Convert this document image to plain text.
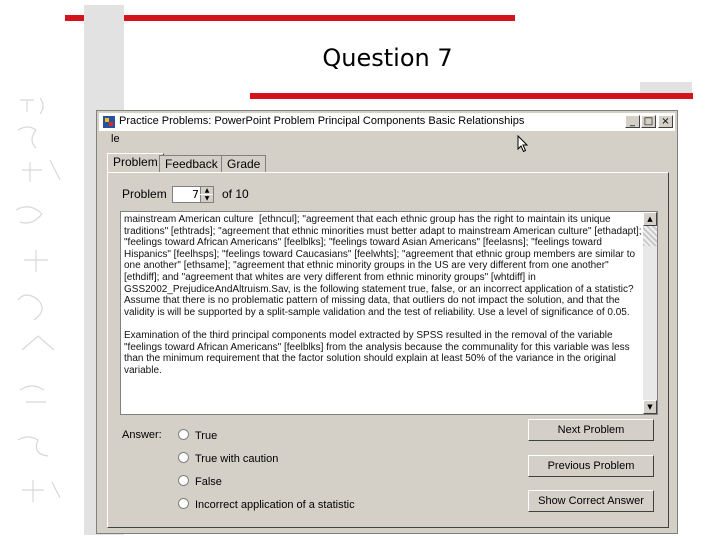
Question 7
Practice Problems: PowerPoint Problem Principal Components Basic Relationships	_ □ ×
le
Problem Feedback Grade
Problem 7 ▲
▼	of 10
mainstream American culture  [ethncul]; "agreement that each ethnic group has the right to maintain its unique traditions" [ethtrads]; "agreement that ethnic minorities must better adapt to mainstream American culture" [ethadapt]; "feelings toward African Americans" [feelblks]; "feelings toward Asian Americans" [feelasns]; "feelings toward Hispanics" [feelhsps]; "feelings toward Caucasians" [feelwhts]; "agreement that ethnic group members are similar to one another" [ethsame]; "agreement that ethnic minority groups in the US are very different from one another" [ethdiff]; and "agreement that whites are very different from ethnic minority groups" [whtdiff] in GSS2002_PrejudiceAndAltruism.Sav, is the following statement true, false, or an incorrect application of a statistic? Assume that there is no problematic pattern of missing data, that outliers do not impact the solution, and that the validity is will be supported by a split-sample validation and the test of reliability. Use a level of significance of 0.05.

Examination of the third principal components model extracted by SPSS resulted in the removal of the variable "feelings toward African Americans" [feelblks] from the analysis because the communality for this variable was less than the minimum requirement that the factor solution should explain at least 50% of the variance in the original variable.
▲
▼
Answer:	True
True with caution
False
Incorrect application of a statistic
Next Problem
Previous Problem
Show Correct Answer
